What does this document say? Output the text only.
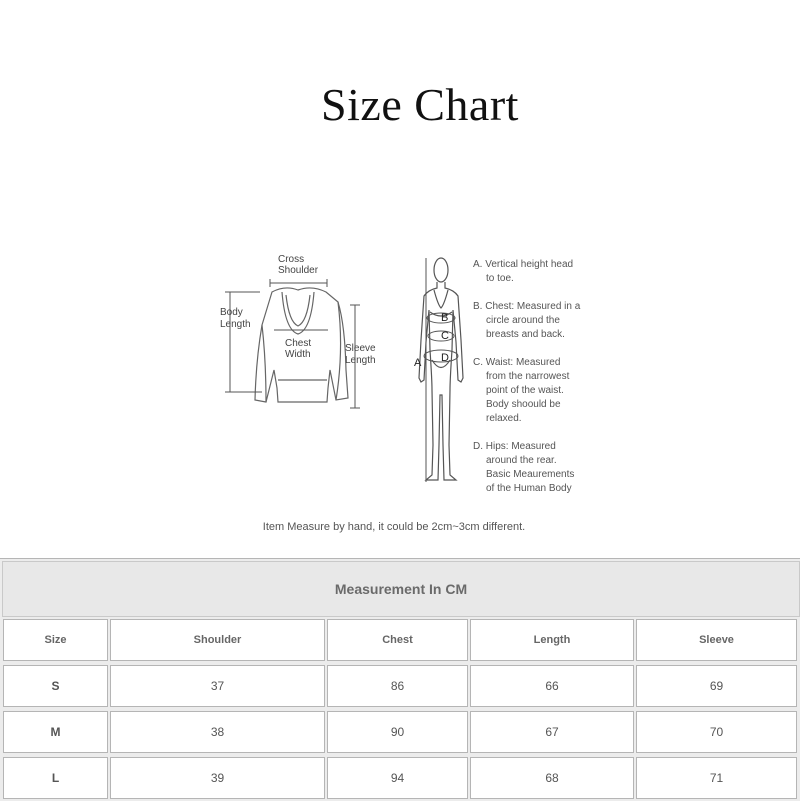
Size Chart
Cross
Shoulder
Body
Length
Chest
Width
Sleeve
Length	A
B
C
D
A. Vertical height head
to toe.
B. Chest: Measured in a
circle around the
breasts and back.
C. Waist: Measured
from the narrowest
point of the waist.
Body shoould be
relaxed.
D. Hips: Measured
around the rear.
Basic Meaurements
of the Human Body
Item Measure by hand, it could be 2cm~3cm different.
Measurement In CM
Size	Shoulder	Chest	Length	Sleeve
S	37	86	66	69
M	38	90	67	70
L	39	94	68	71
